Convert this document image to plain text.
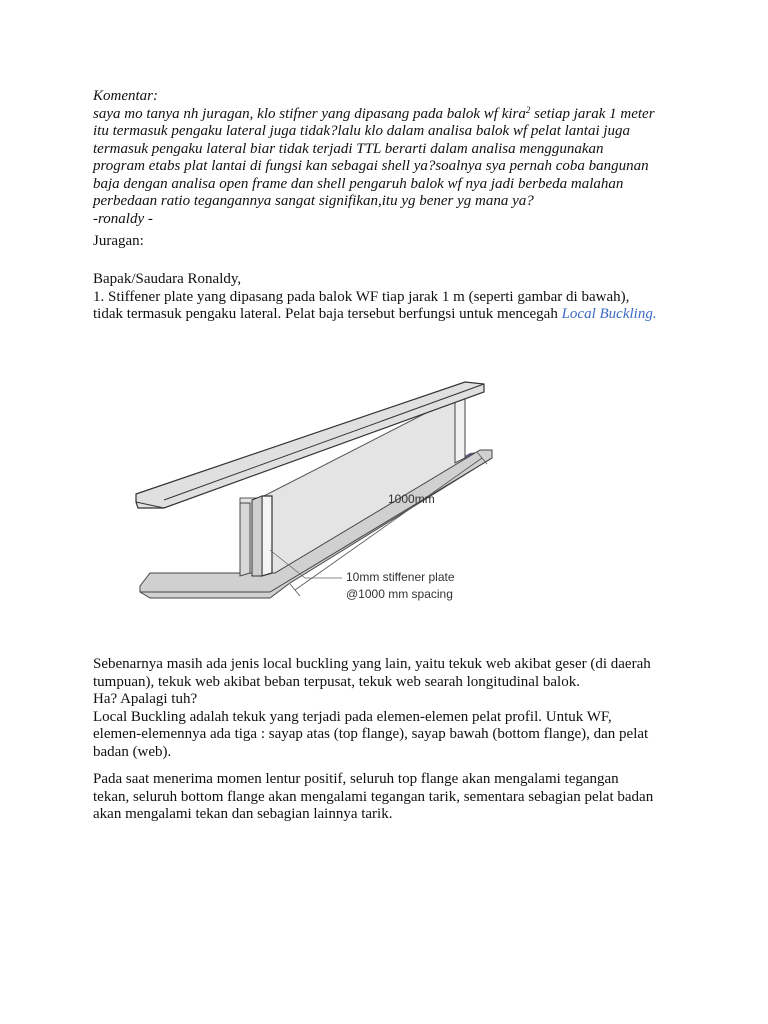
Komentar:
saya mo tanya nh juragan, klo stifner yang dipasang pada balok wf kira$^2$ setiap jarak 1 meter
itu termasuk pengaku lateral juga tidak?lalu klo dalam analisa balok wf pelat lantai juga
termasuk pengaku lateral biar tidak terjadi TTL berarti dalam analisa menggunakan
program etabs plat lantai di fungsi kan sebagai shell ya?soalnya sya pernah coba bangunan
baja dengan analisa open frame dan shell pengaruh balok wf nya jadi berbeda malahan
perbedaan ratio tegangannya sangat signifikan,itu yg bener yg mana ya?
-ronaldy -
Juragan:
Bapak/Saudara Ronaldy,
1. Stiffener plate yang dipasang pada balok WF tiap jarak 1 m (seperti gambar di bawah),
tidak termasuk pengaku lateral. Pelat baja tersebut berfungsi untuk mencegah Local Buckling.
1000mm
10mm stiffener plate
@1000 mm spacing
Sebenarnya masih ada jenis local buckling yang lain, yaitu tekuk web akibat geser (di daerah
tumpuan), tekuk web akibat beban terpusat, tekuk web searah longitudinal balok.
Ha? Apalagi tuh?
Local Buckling adalah tekuk yang terjadi pada elemen-elemen pelat profil. Untuk WF,
elemen-elemennya ada tiga : sayap atas (top flange), sayap bawah (bottom flange), dan pelat
badan (web).
Pada saat menerima momen lentur positif, seluruh top flange akan mengalami tegangan
tekan, seluruh bottom flange akan mengalami tegangan tarik, sementara sebagian pelat badan
akan mengalami tekan dan sebagian lainnya tarik.
